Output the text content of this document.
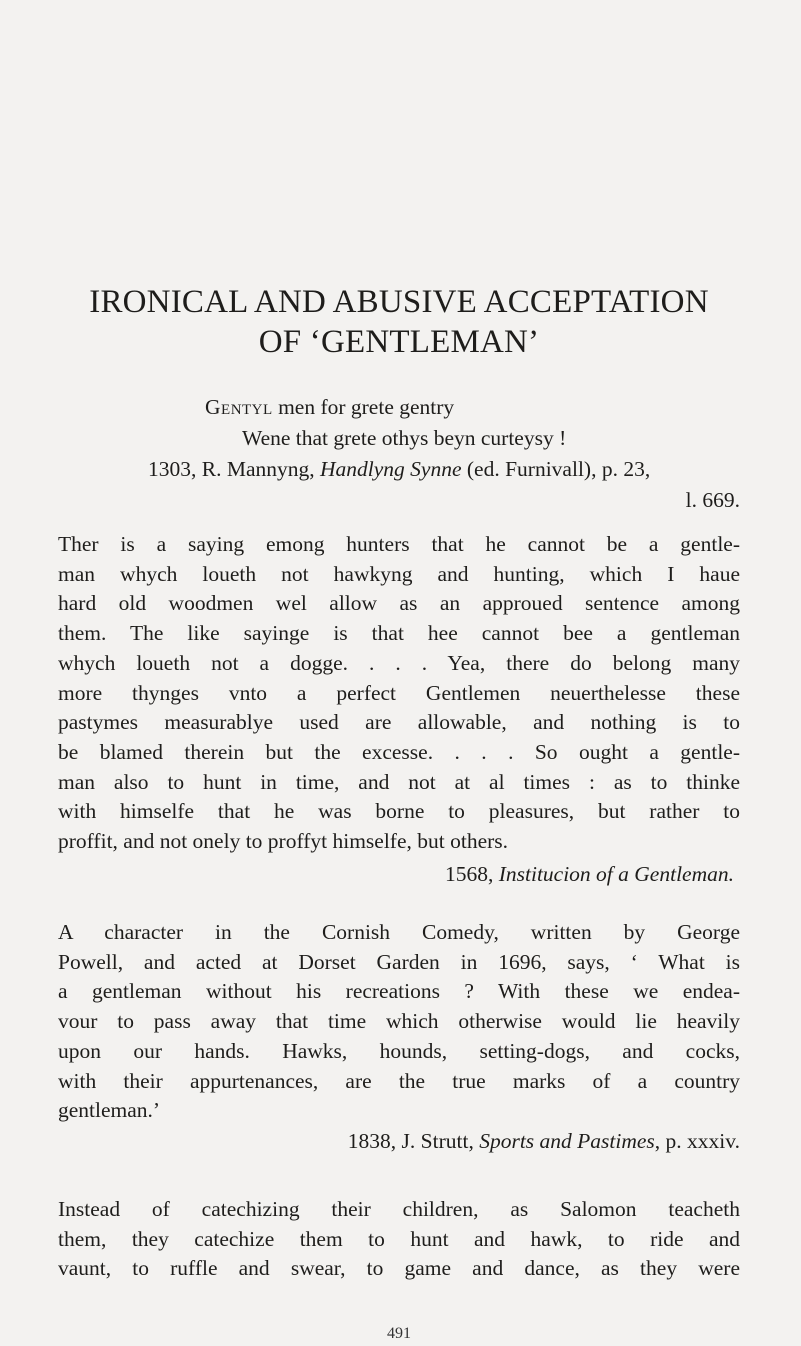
IRONICAL AND ABUSIVE ACCEPTATION
OF ‘GENTLEMAN’
Gentyl men for grete gentry
Wene that grete othys beyn curteysy !
1303, R. Mannyng, Handlyng Synne (ed. Furnivall), p. 23,
l. 669.
Ther is a saying emong hunters that he cannot be a gentle-
man whych loueth not hawkyng and hunting, which I haue
hard old woodmen wel allow as an approued sentence among
them. The like sayinge is that hee cannot bee a gentleman
whych loueth not a dogge. . . . Yea, there do belong many
more thynges vnto a perfect Gentlemen neuerthelesse these
pastymes measurablye used are allowable, and nothing is to
be blamed therein but the excesse. . . . So ought a gentle-
man also to hunt in time, and not at al times : as to thinke
with himselfe that he was borne to pleasures, but rather to
proffit, and not onely to proffyt himselfe, but others.
1568, Institucion of a Gentleman.
A character in the Cornish Comedy, written by George
Powell, and acted at Dorset Garden in 1696, says, ‘ What is
a gentleman without his recreations ? With these we endea-
vour to pass away that time which otherwise would lie heavily
upon our hands. Hawks, hounds, setting-dogs, and cocks,
with their appurtenances, are the true marks of a country
gentleman.’
1838, J. Strutt, Sports and Pastimes, p. xxxiv.
Instead of catechizing their children, as Salomon teacheth
them, they catechize them to hunt and hawk, to ride and
vaunt, to ruffle and swear, to game and dance, as they were
491
